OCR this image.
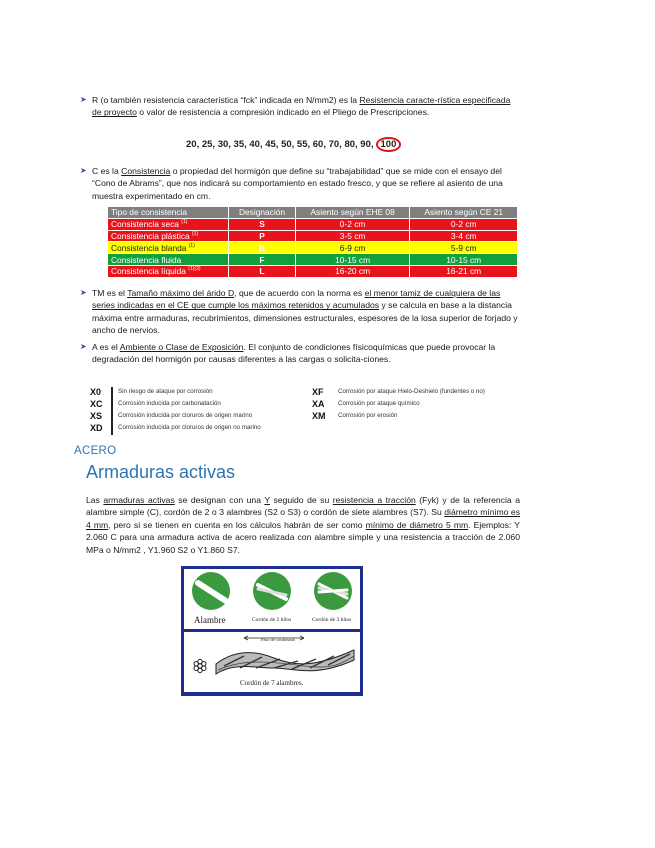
➤ R (o también resistencia característica “fck” indicada en N/mm2) es la Resistencia caracte-rística especificada de proyecto o valor de resistencia a compresión indicado en el Pliego de Prescripciones.
20, 25, 30, 35, 40, 45, 50, 55, 60, 70, 80, 90, 100
➤ C es la Consistencia o propiedad del hormigón que define su “trabajabilidad” que se mide con el ensayo del “Cono de Abrams”, que nos indicará su comportamiento en estado fresco, y que se refiere al asiento de una muestra experimentado en cm.
Tipo de consistencia	Designación	Asiento según EHE 08	Asiento según CE 21
Consistencia seca $^{(1)}$	S	0-2 cm	0-2 cm
Consistencia plástica $^{(1)}$	P	3-5 cm	3-4 cm
Consistencia blanda $^{(1)}$	B	6-9 cm	5-9 cm
Consistencia fluida	F	10-15 cm	10-15 cm
Consistencia líquida $^{(1)(2)}$	L	16-20 cm	16-21 cm
➤ TM es el Tamaño máximo del árido D, que de acuerdo con la norma es el menor tamiz de cualquiera de las series indicadas en el CE que cumple los máximos retenidos y acumulados y se calcula en base a la distancia máxima entre armaduras, recubrimientos, dimensiones estructurales, espesores de la losa superior de forjado y ancho de nervios.
➤ A es el Ambiente o Clase de Exposición. El conjunto de condiciones físicoquímicas que puede provocar la degradación del hormigón por causas diferentes a las cargas o solicita-ciones.
X0	Sin riesgo de ataque por corrosión
XC Corrosión inducida por carbonatación
XS	Corrosión inducida por cloruros de origen marino
XD Corrosión inducida por cloruros de origen no marino
XF Corrosión por ataque Hielo-Deshielo (fundentes o no)
XA Corrosión por ataque químico
XM Corrosión por erosión
ACERO
Armaduras activas
Las armaduras activas se designan con una Y seguido de su resistencia a tracción (Fyk) y de la referencia a alambre simple (C), cordón de 2 o 3 alambres (S2 o S3) o cordón de siete alambres (S7). Su diámetro mínimo es 4 mm, pero si se tienen en cuenta en los cálculos habrán de ser como mínimo de diámetro 5 mm. Ejemplos: Y 2.060 C para una armadura activa de acero realizada con alambre simple y una resistencia a tracción de 2.060 MPa o N/mm2 , Y1.960 S2 o Y1.860 S7.
Alambre	Cordón de 2 hilos	Cordón de 3 hilos
Paso de cordonado
Cordón de 7 alambres.
